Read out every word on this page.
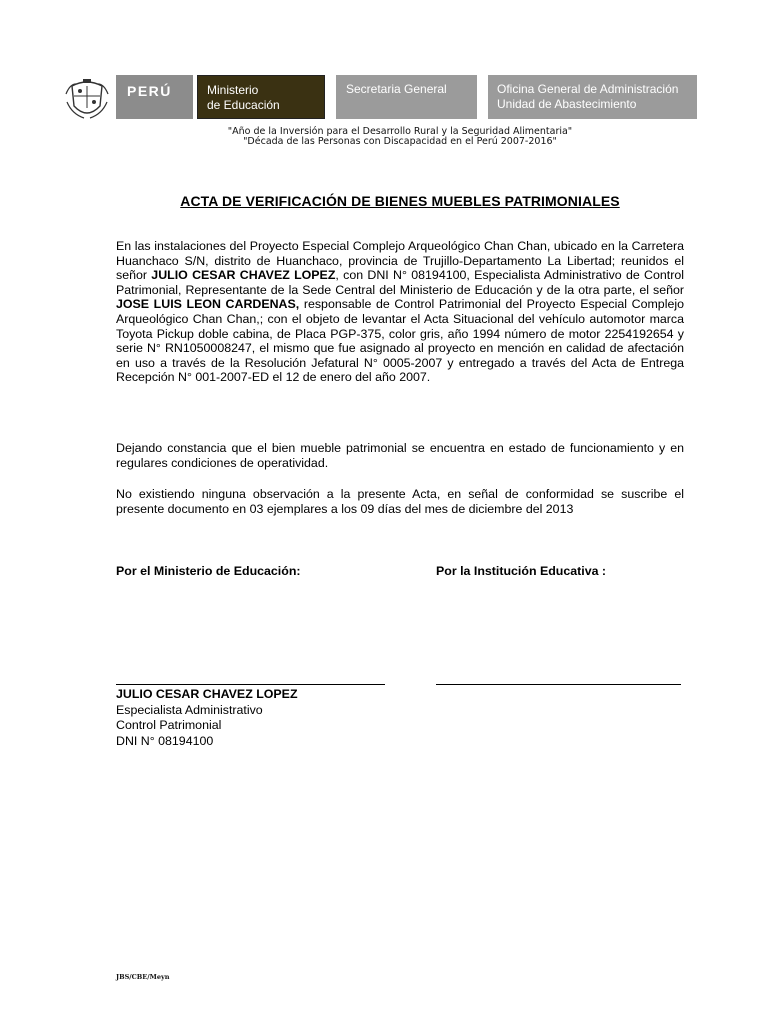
PERÚ	Ministerio
de Educación
Secretaria General	Oficina General de Administración
Unidad de Abastecimiento
"Año de la Inversión para el Desarrollo Rural y la Seguridad Alimentaria"
"Década de las Personas con Discapacidad en el Perú 2007-2016"
ACTA DE VERIFICACIÓN DE BIENES MUEBLES PATRIMONIALES

En las instalaciones del Proyecto Especial Complejo Arqueológico Chan Chan, ubicado en la Carretera Huanchaco S/N, distrito de Huanchaco, provincia de Trujillo-Departamento La Libertad; reunidos el señor JULIO CESAR CHAVEZ LOPEZ, con DNI N° 08194100, Especialista Administrativo de Control Patrimonial, Representante de la Sede Central del Ministerio de Educación y de la otra parte, el señor JOSE LUIS LEON CARDENAS, responsable de Control Patrimonial del Proyecto Especial Complejo Arqueológico Chan Chan,; con el objeto de levantar el Acta Situacional del vehículo automotor marca Toyota Pickup doble cabina, de Placa PGP-375, color gris, año 1994 número de motor 2254192654 y serie N° RN1050008247, el mismo que fue asignado al proyecto en mención en calidad de afectación en uso a través de la Resolución Jefatural N° 0005-2007 y entregado a través del Acta de Entrega Recepción N° 001-2007-ED el 12 de enero del año 2007.

Dejando constancia que el bien mueble patrimonial se encuentra en estado de funcionamiento y en regulares condiciones de operatividad.

No existiendo ninguna observación a la presente Acta, en señal de conformidad se suscribe el presente documento en 03 ejemplares a los 09 días del mes de diciembre del 2013

Por el Ministerio de Educación:	Por la Institución Educativa :
JULIO CESAR CHAVEZ LOPEZ
Especialista Administrativo
Control Patrimonial
DNI N° 08194100
JBS/CBE/Meyn
